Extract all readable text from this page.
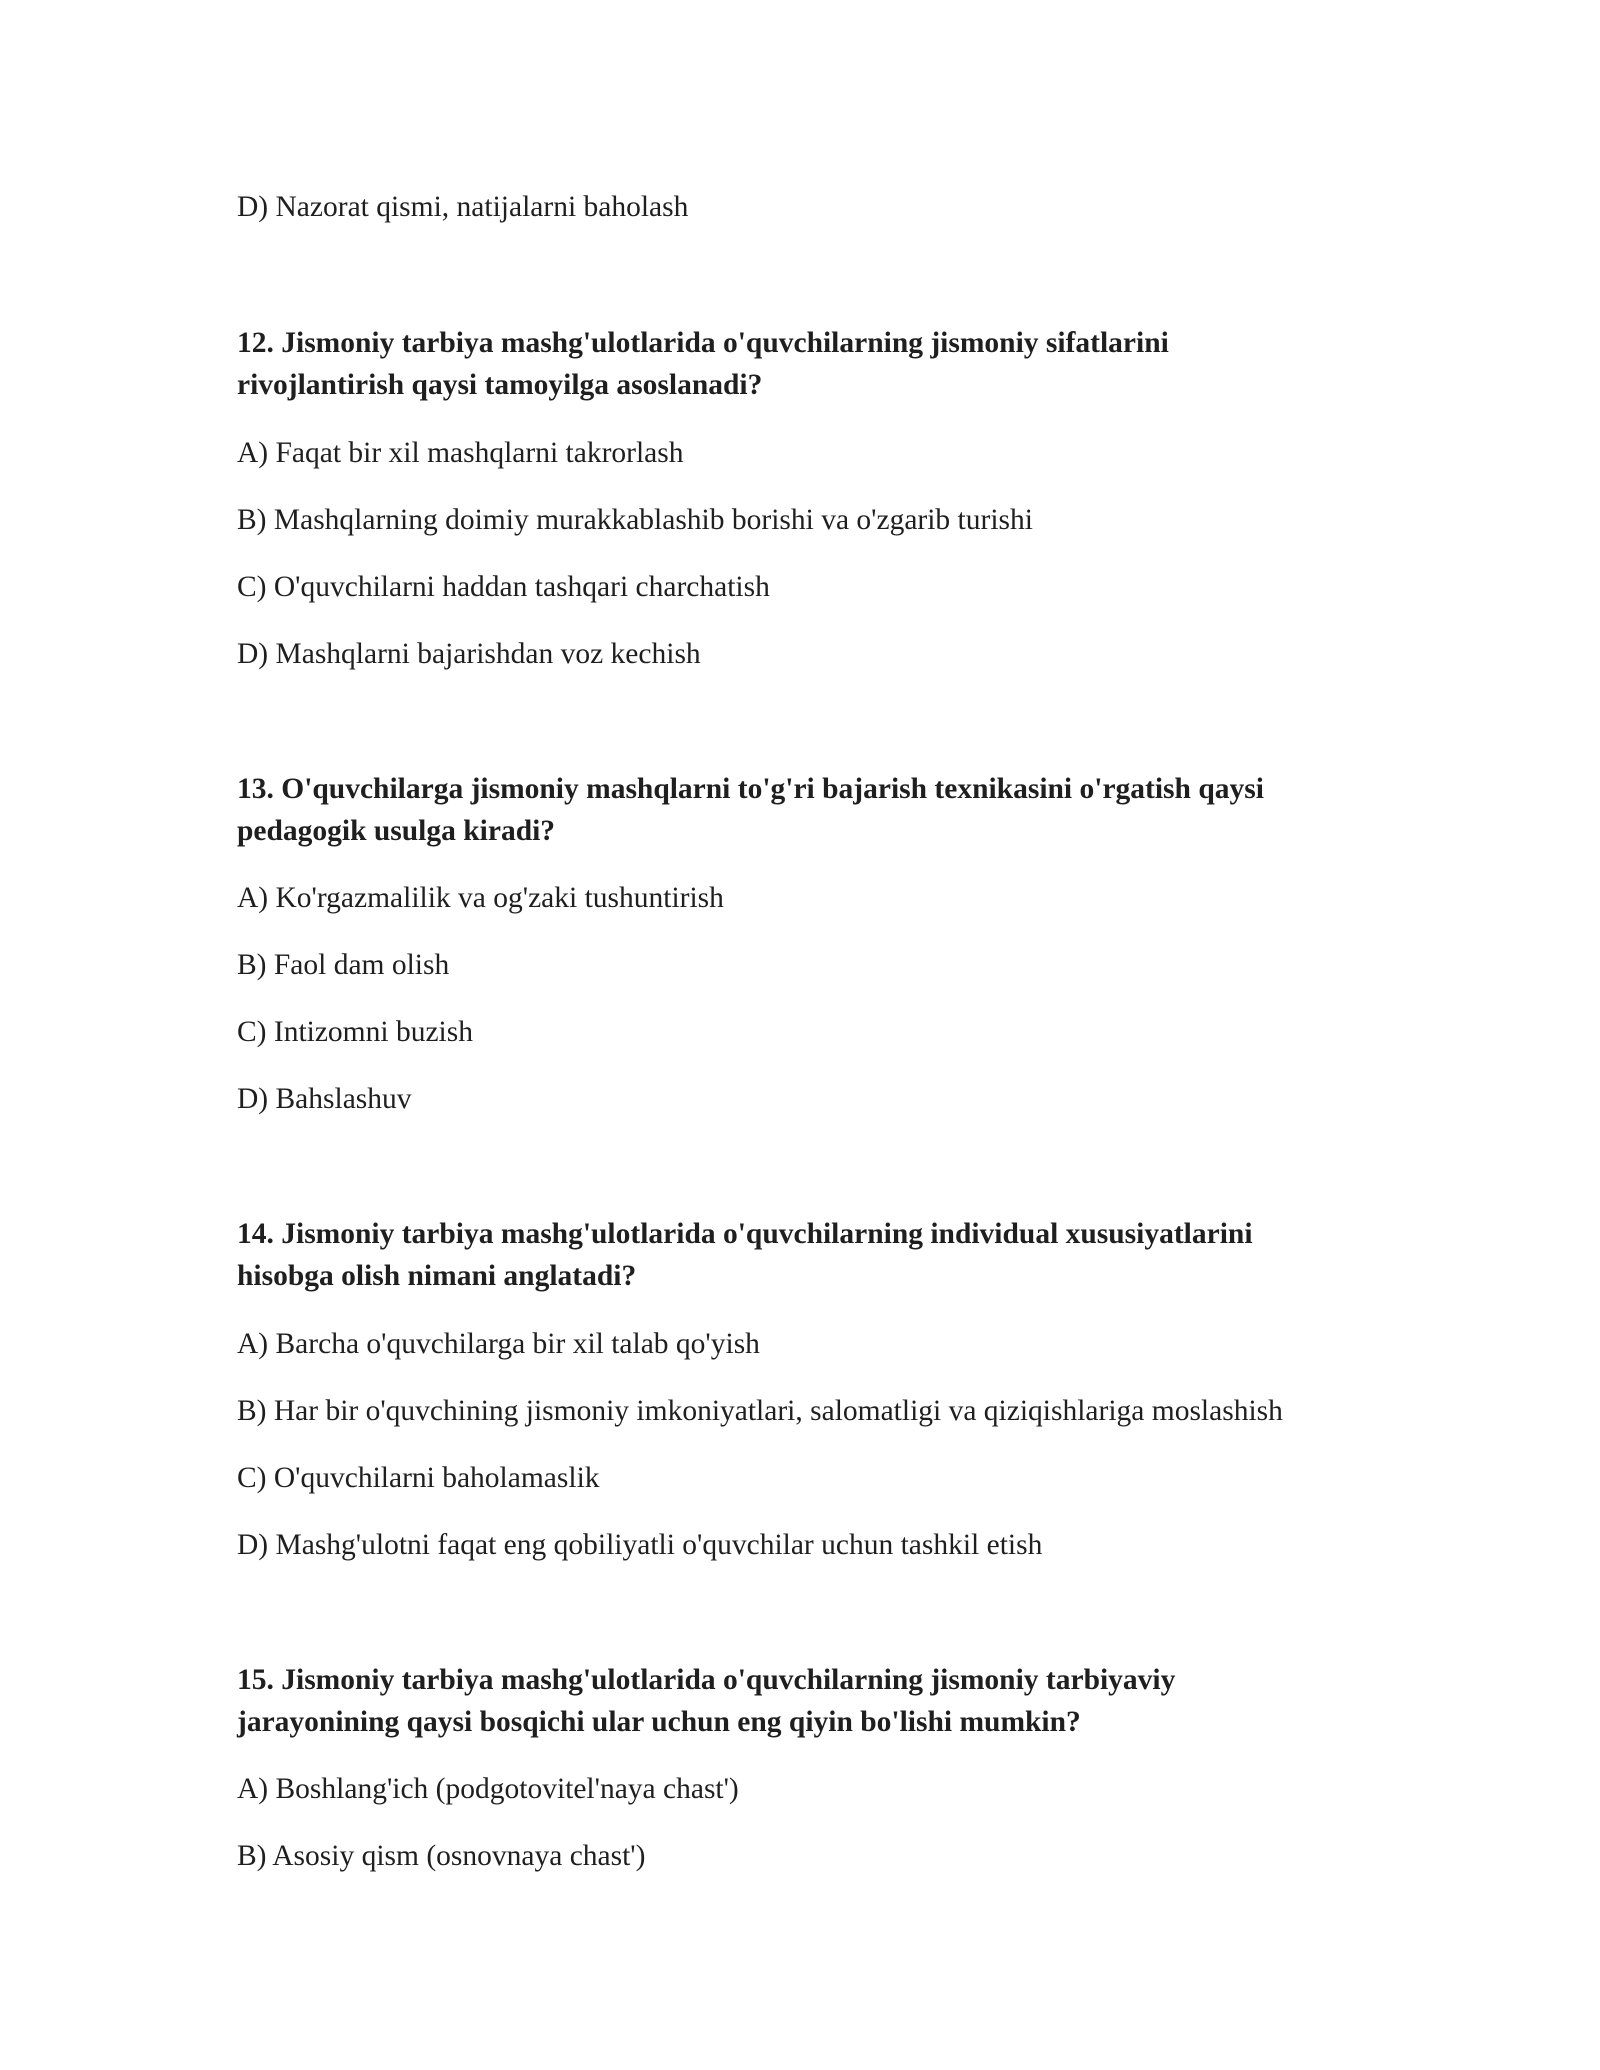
D) Nazorat qismi, natijalarni baholash

12. Jismoniy tarbiya mashg'ulotlarida o'quvchilarning jismoniy sifatlarini

rivojlantirish qaysi tamoyilga asoslanadi?

A) Faqat bir xil mashqlarni takrorlash

B) Mashqlarning doimiy murakkablashib borishi va o'zgarib turishi

C) O'quvchilarni haddan tashqari charchatish

D) Mashqlarni bajarishdan voz kechish

13. O'quvchilarga jismoniy mashqlarni to'g'ri bajarish texnikasini o'rgatish qaysi

pedagogik usulga kiradi?

A) Ko'rgazmalilik va og'zaki tushuntirish

B) Faol dam olish

C) Intizomni buzish

D) Bahslashuv

14. Jismoniy tarbiya mashg'ulotlarida o'quvchilarning individual xususiyatlarini

hisobga olish nimani anglatadi?

A) Barcha o'quvchilarga bir xil talab qo'yish

B) Har bir o'quvchining jismoniy imkoniyatlari, salomatligi va qiziqishlariga moslashish

C) O'quvchilarni baholamaslik

D) Mashg'ulotni faqat eng qobiliyatli o'quvchilar uchun tashkil etish

15. Jismoniy tarbiya mashg'ulotlarida o'quvchilarning jismoniy tarbiyaviy

jarayonining qaysi bosqichi ular uchun eng qiyin bo'lishi mumkin?

A) Boshlang'ich (podgotovitel'naya chast')

B) Asosiy qism (osnovnaya chast')
